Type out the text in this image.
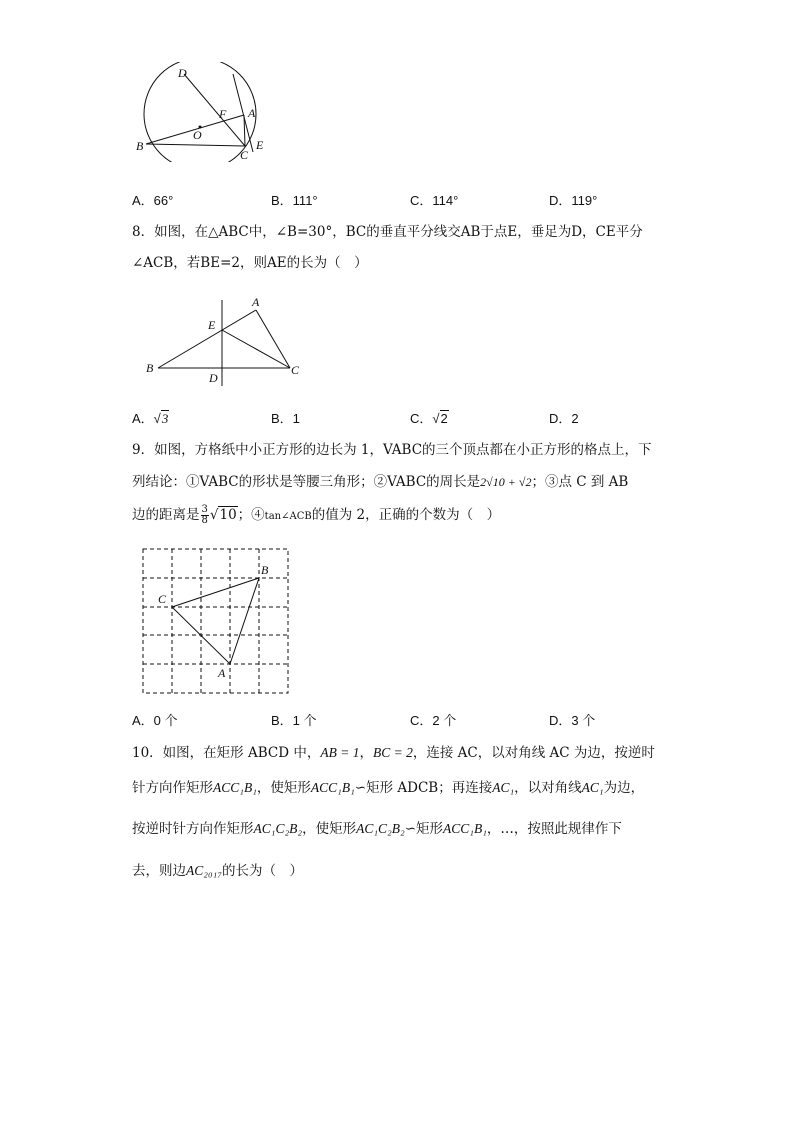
D
A
F
O
B
C
E
A．66°	B．111°	C．114°	D．119°
8．如图，在△ABC中，∠B=30°，BC的垂直平分线交AB于点E，垂足为D，CE平分
∠ACB，若BE=2，则AE的长为（　）
A
E
B
D
C
A．√3	B．1	C．√2	D．2
9．如图，方格纸中小正方形的边长为 1，VABC的三个顶点都在小正方形的格点上，下
列结论：①VABC的形状是等腰三角形；②VABC的周长是2√10 + √2；③点 C 到 AB
边的距离是 $\frac{3}{8} √10$；④tan∠ACB的值为 2，正确的个数为（　）
B
C
A
A．0 个	B．1 个	C．2 个	D．3 个
10．如图，在矩形 ABCD 中，AB = 1，BC = 2，连接 AC，以对角线 AC 为边，按逆时
针方向作矩形ACC₁B₁，使矩形ACC₁B₁∽矩形 ADCB；再连接AC₁，以对角线AC₁为边，
按逆时针方向作矩形AC₁C₂B₂，使矩形AC₁C₂B₂∽矩形ACC₁B₁，…，按照此规律作下
去，则边AC₂₀₁₇的长为（　）
